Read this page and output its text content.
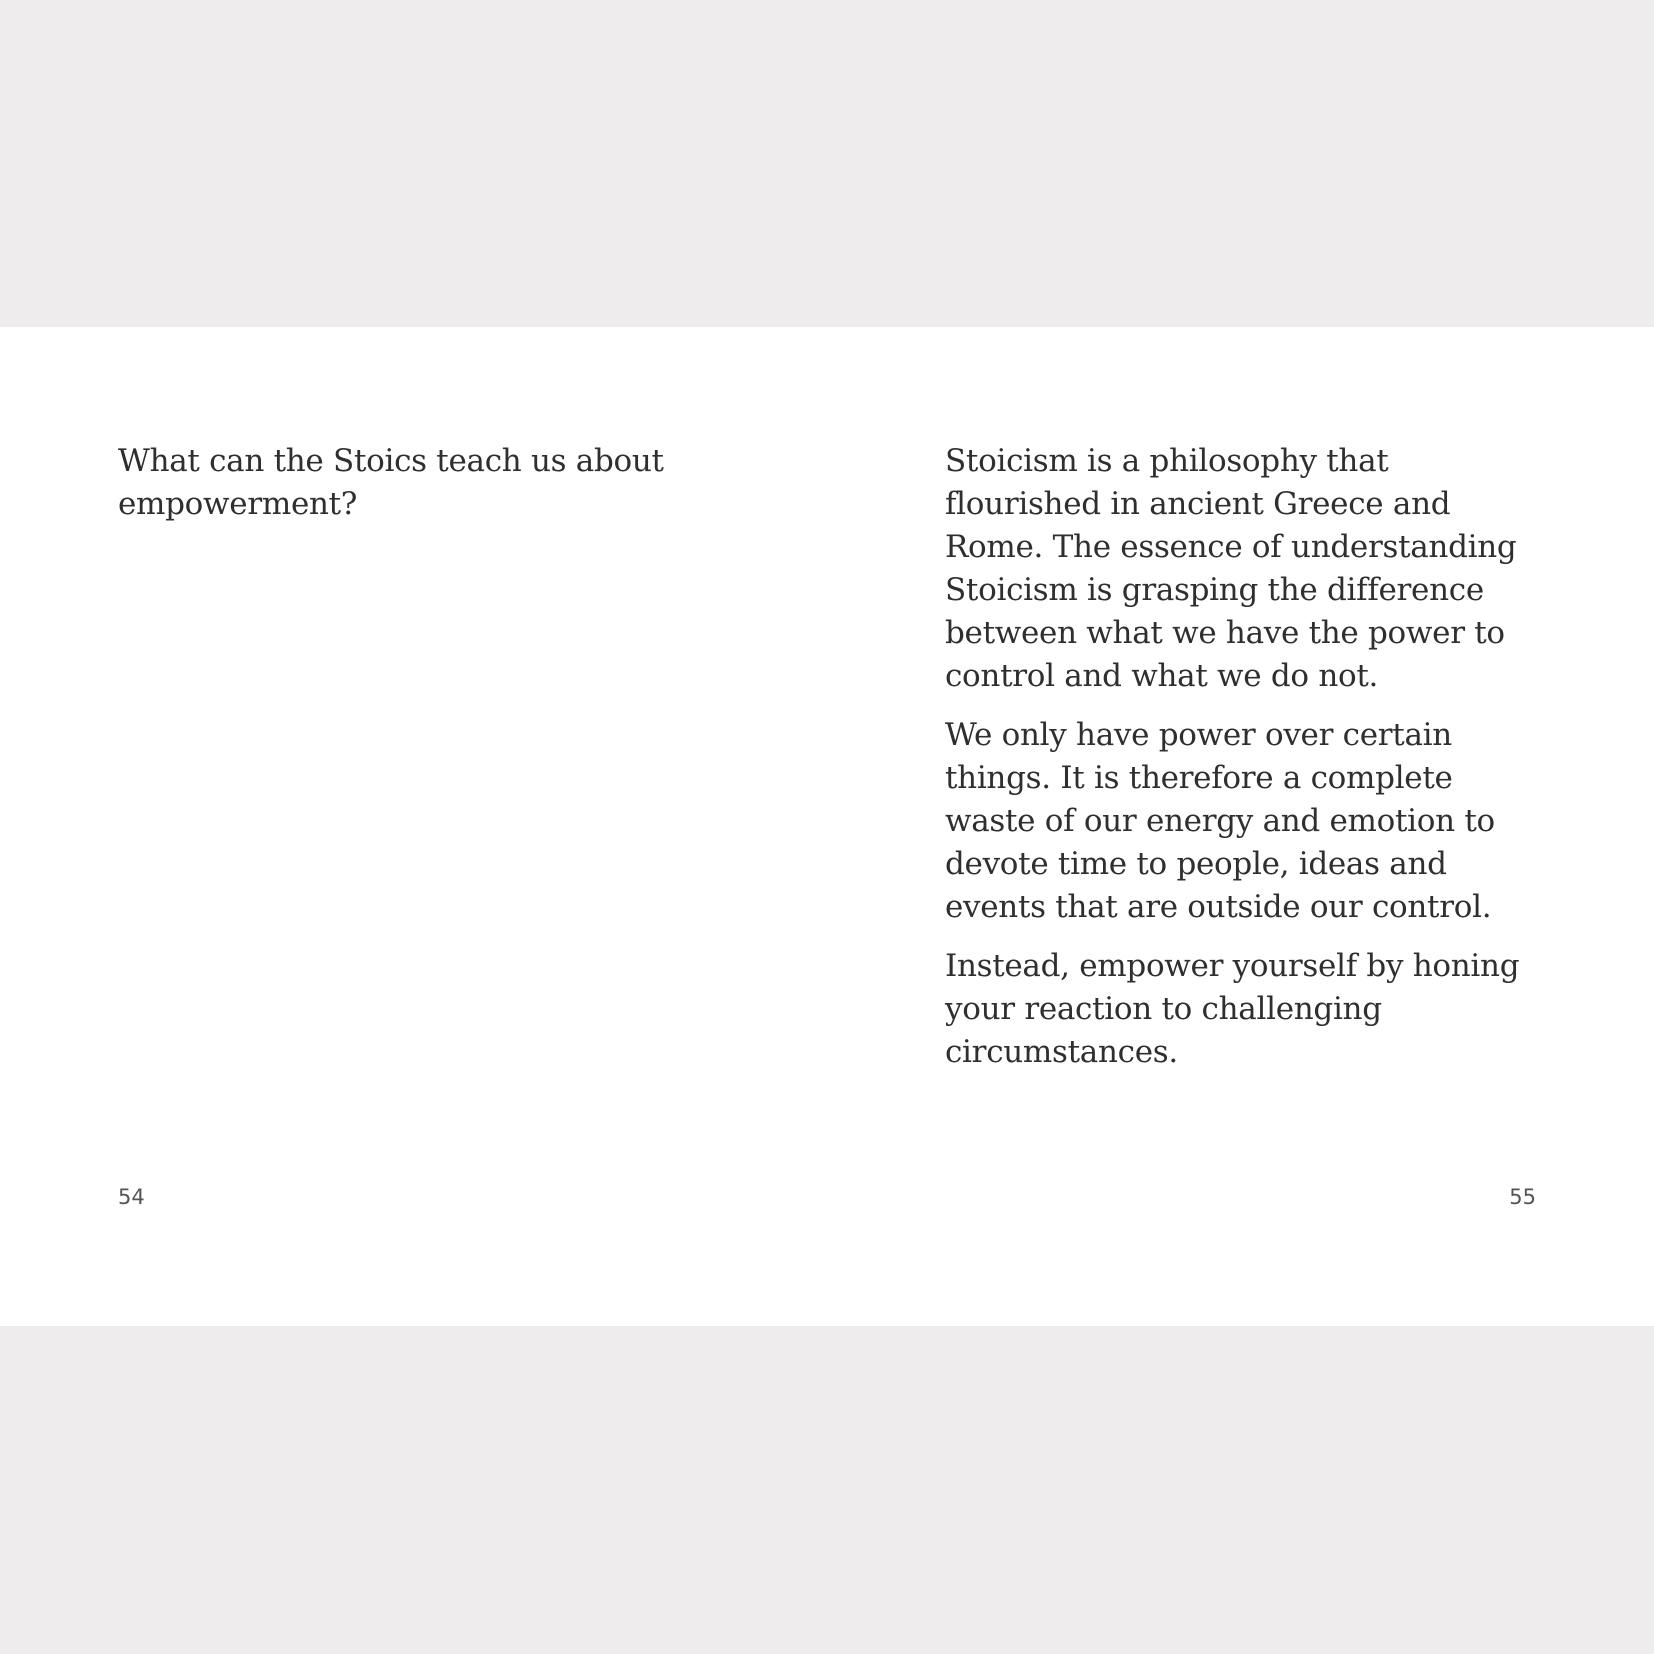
What can the Stoics teach us about empowerment?
54

Stoicism is a philosophy that flourished in ancient Greece and Rome. The essence of understanding Stoicism is grasping the difference between what we have the power to control and what we do not.

We only have power over certain things. It is therefore a complete waste of our energy and emotion to devote time to people, ideas and events that are outside our control.

Instead, empower yourself by honing your reaction to challenging circumstances.

55
